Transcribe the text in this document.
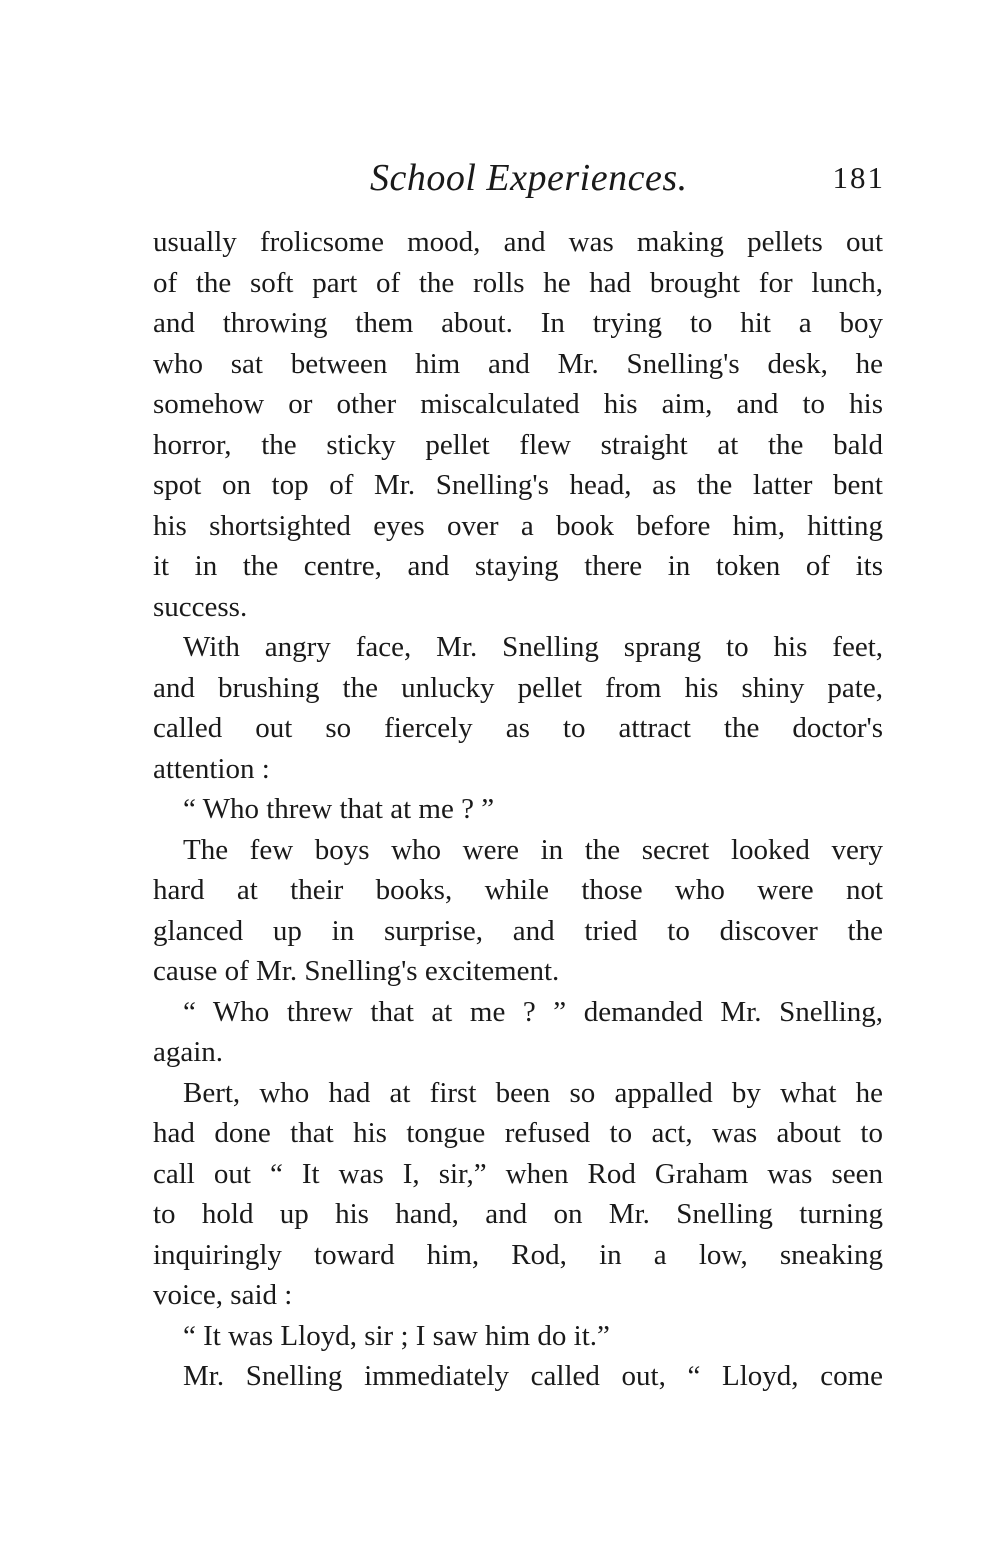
School Experiences.	181
usually frolicsome mood, and was making pellets out
of the soft part of the rolls he had brought for lunch,
and throwing them about. In trying to hit a boy
who sat between him and Mr. Snelling's desk, he
somehow or other miscalculated his aim, and to his
horror, the sticky pellet flew straight at the bald
spot on top of Mr. Snelling's head, as the latter bent
his shortsighted eyes over a book before him, hitting
it in the centre, and staying there in token of its
success.
With angry face, Mr. Snelling sprang to his feet,
and brushing the unlucky pellet from his shiny pate,
called out so fiercely as to attract the doctor's
attention :
“ Who threw that at me ? ”
The few boys who were in the secret looked very
hard at their books, while those who were not
glanced up in surprise, and tried to discover the
cause of Mr. Snelling's excitement.
“ Who threw that at me ? ” demanded Mr. Snelling,
again.
Bert, who had at first been so appalled by what he
had done that his tongue refused to act, was about to
call out “ It was I, sir,” when Rod Graham was seen
to hold up his hand, and on Mr. Snelling turning
inquiringly toward him, Rod, in a low, sneaking
voice, said :
“ It was Lloyd, sir ; I saw him do it.”
Mr. Snelling immediately called out, “ Lloyd, come
